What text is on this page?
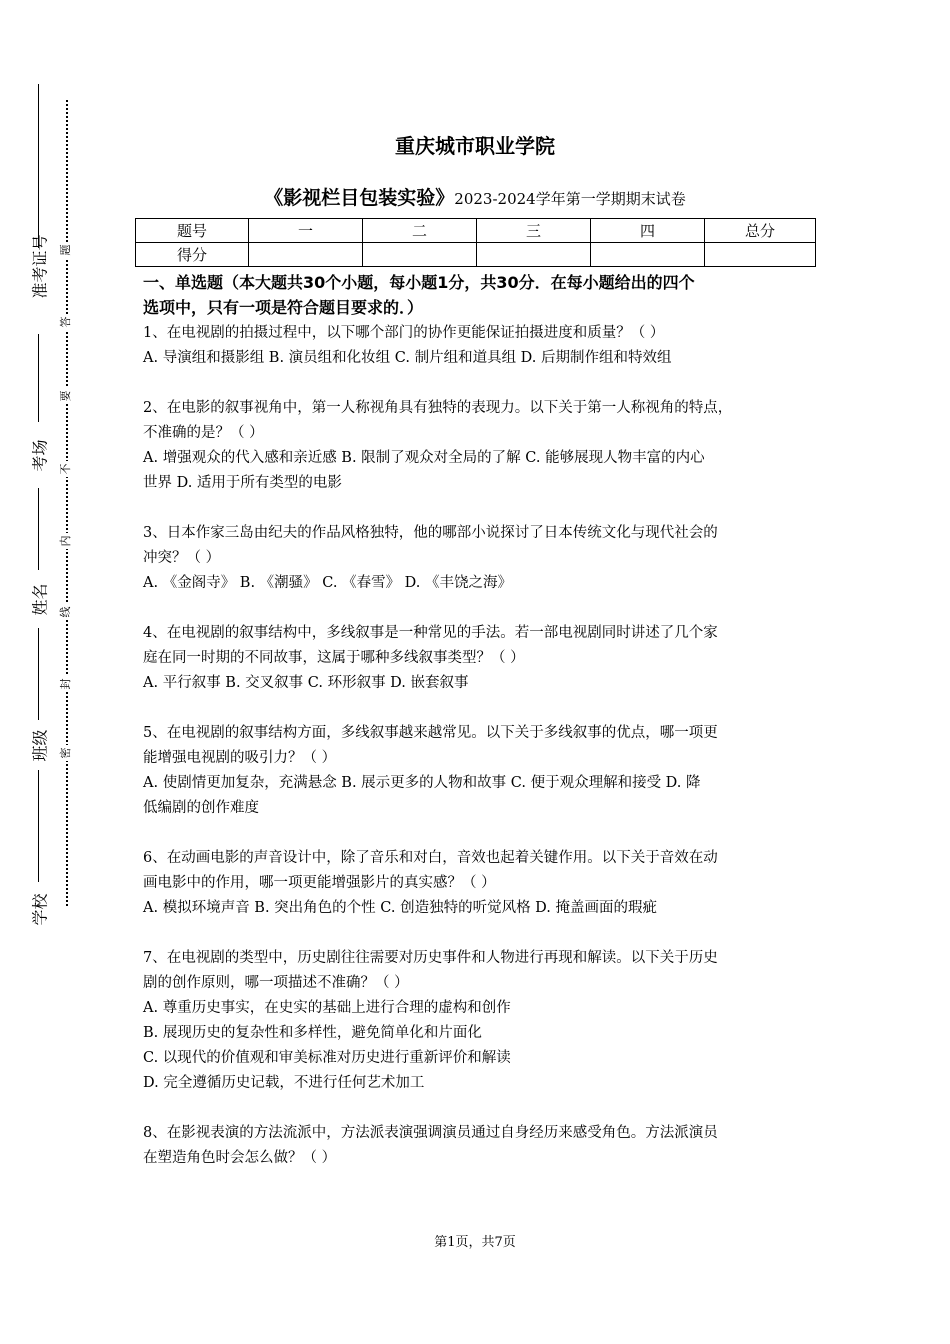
准考证号
考场
姓名
班级
学校
题
答
要
不
内
线
封
密
重庆城市职业学院
《影视栏目包装实验》2023-2024学年第一学期期末试卷
题号	一	二	三	四	总分
得分					
一、单选题（本大题共30个小题，每小题1分，共30分．在每小题给出的四个
选项中，只有一项是符合题目要求的．）

1、在电视剧的拍摄过程中，以下哪个部门的协作更能保证拍摄进度和质量？（ ）

A. 导演组和摄影组 B. 演员组和化妆组 C. 制片组和道具组 D. 后期制作组和特效组

2、在电影的叙事视角中，第一人称视角具有独特的表现力。以下关于第一人称视角的特点，

不准确的是？（ ）

A. 增强观众的代入感和亲近感 B. 限制了观众对全局的了解 C. 能够展现人物丰富的内心

世界 D. 适用于所有类型的电影

3、日本作家三岛由纪夫的作品风格独特，他的哪部小说探讨了日本传统文化与现代社会的

冲突？（ ）

A. 《金阁寺》 B. 《潮骚》 C. 《春雪》 D. 《丰饶之海》

4、在电视剧的叙事结构中，多线叙事是一种常见的手法。若一部电视剧同时讲述了几个家

庭在同一时期的不同故事，这属于哪种多线叙事类型？（ ）

A. 平行叙事 B. 交叉叙事 C. 环形叙事 D. 嵌套叙事

5、在电视剧的叙事结构方面，多线叙事越来越常见。以下关于多线叙事的优点，哪一项更

能增强电视剧的吸引力？（ ）

A. 使剧情更加复杂，充满悬念 B. 展示更多的人物和故事 C. 便于观众理解和接受 D. 降

低编剧的创作难度

6、在动画电影的声音设计中，除了音乐和对白，音效也起着关键作用。以下关于音效在动

画电影中的作用，哪一项更能增强影片的真实感？（ ）

A. 模拟环境声音 B. 突出角色的个性 C. 创造独特的听觉风格 D. 掩盖画面的瑕疵

7、在电视剧的类型中，历史剧往往需要对历史事件和人物进行再现和解读。以下关于历史

剧的创作原则，哪一项描述不准确？（ ）

A. 尊重历史事实，在史实的基础上进行合理的虚构和创作

B. 展现历史的复杂性和多样性，避免简单化和片面化

C. 以现代的价值观和审美标准对历史进行重新评价和解读

D. 完全遵循历史记载，不进行任何艺术加工

8、在影视表演的方法流派中，方法派表演强调演员通过自身经历来感受角色。方法派演员

在塑造角色时会怎么做？（ ）

第1页，共7页
